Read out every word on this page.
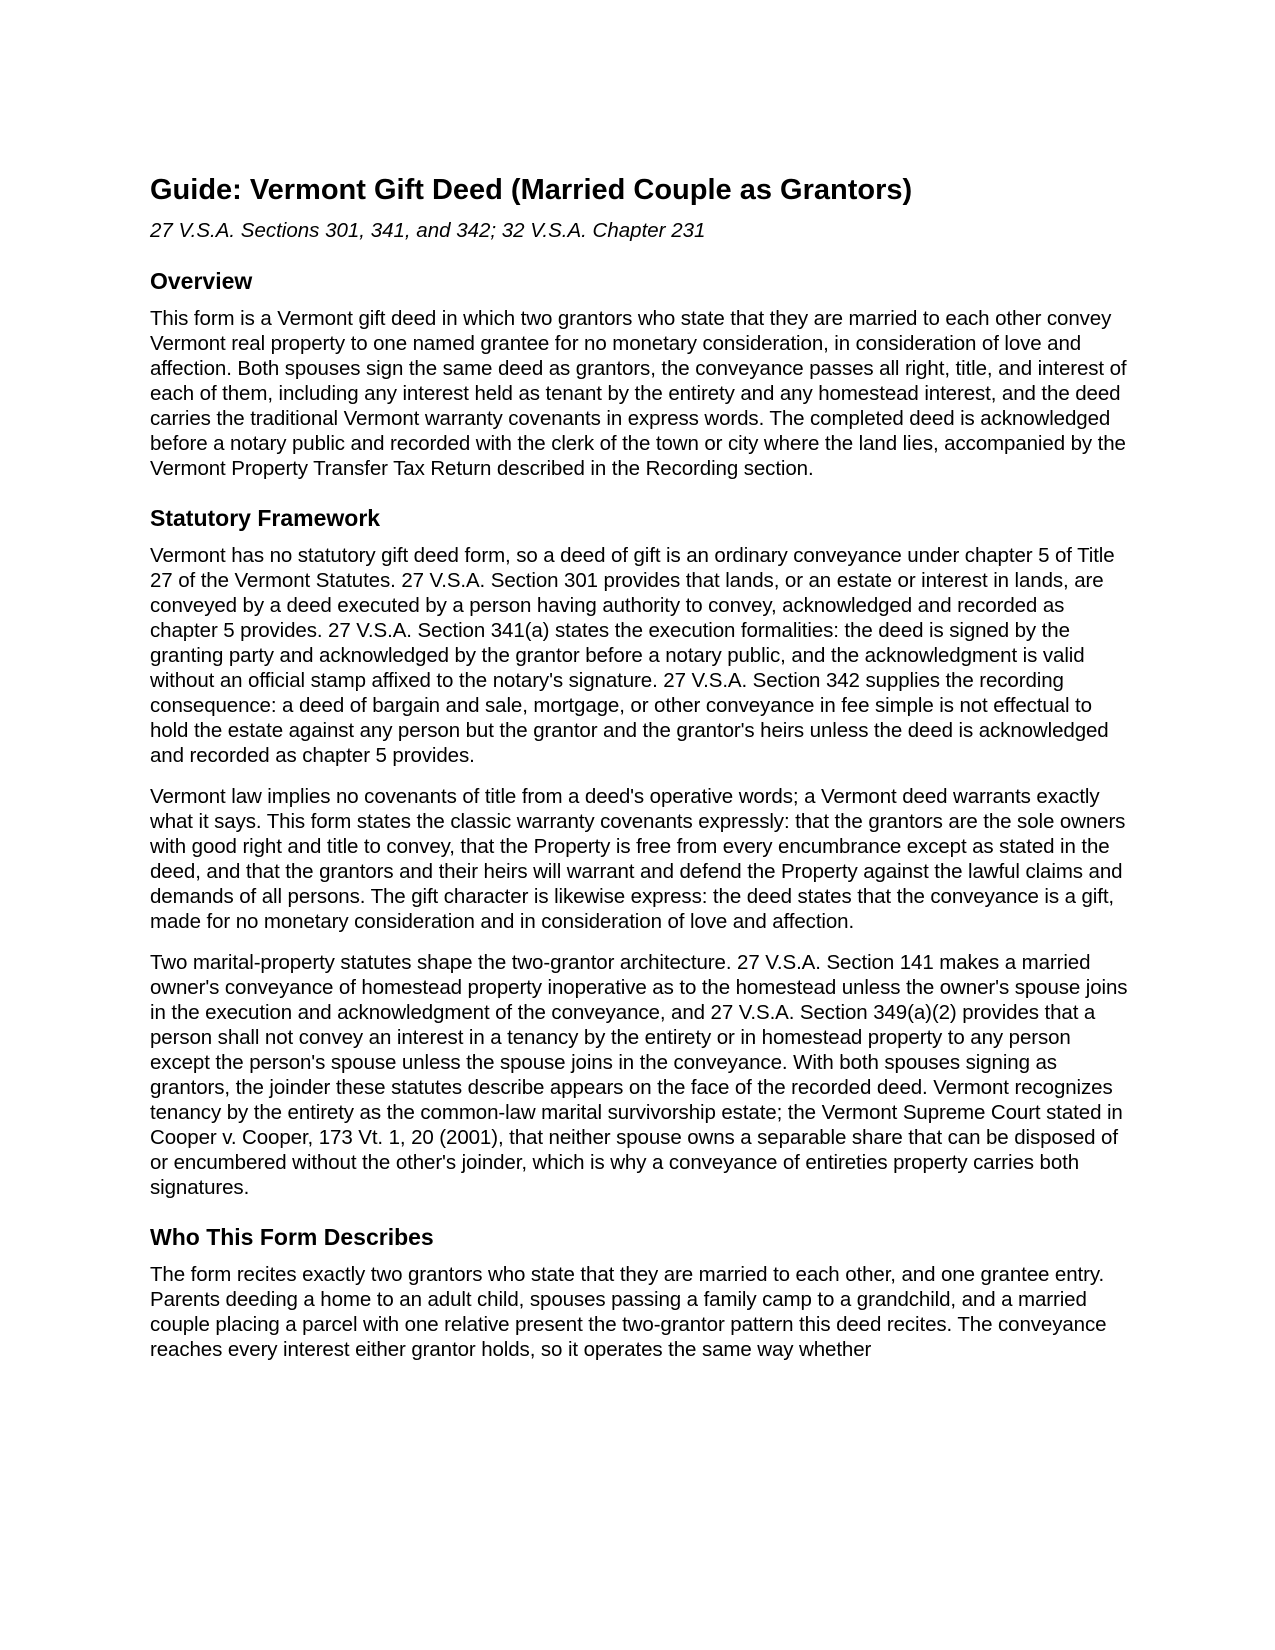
Guide: Vermont Gift Deed (Married Couple as Grantors)
27 V.S.A. Sections 301, 341, and 342; 32 V.S.A. Chapter 231
Overview

This form is a Vermont gift deed in which two grantors who state that they are married to each other convey Vermont real property to one named grantee for no monetary consideration, in consideration of love and affection. Both spouses sign the same deed as grantors, the conveyance passes all right, title, and interest of each of them, including any interest held as tenant by the entirety and any homestead interest, and the deed carries the traditional Vermont warranty covenants in express words. The completed deed is acknowledged before a notary public and recorded with the clerk of the town or city where the land lies, accompanied by the Vermont Property Transfer Tax Return described in the Recording section.

Statutory Framework

Vermont has no statutory gift deed form, so a deed of gift is an ordinary conveyance under chapter 5 of Title 27 of the Vermont Statutes. 27 V.S.A. Section 301 provides that lands, or an estate or interest in lands, are conveyed by a deed executed by a person having authority to convey, acknowledged and recorded as chapter 5 provides. 27 V.S.A. Section 341(a) states the execution formalities: the deed is signed by the granting party and acknowledged by the grantor before a notary public, and the acknowledgment is valid without an official stamp affixed to the notary's signature. 27 V.S.A. Section 342 supplies the recording consequence: a deed of bargain and sale, mortgage, or other conveyance in fee simple is not effectual to hold the estate against any person but the grantor and the grantor's heirs unless the deed is acknowledged and recorded as chapter 5 provides.

Vermont law implies no covenants of title from a deed's operative words; a Vermont deed warrants exactly what it says. This form states the classic warranty covenants expressly: that the grantors are the sole owners with good right and title to convey, that the Property is free from every encumbrance except as stated in the deed, and that the grantors and their heirs will warrant and defend the Property against the lawful claims and demands of all persons. The gift character is likewise express: the deed states that the conveyance is a gift, made for no monetary consideration and in consideration of love and affection.

Two marital-property statutes shape the two-grantor architecture. 27 V.S.A. Section 141 makes a married owner's conveyance of homestead property inoperative as to the homestead unless the owner's spouse joins in the execution and acknowledgment of the conveyance, and 27 V.S.A. Section 349(a)(2) provides that a person shall not convey an interest in a tenancy by the entirety or in homestead property to any person except the person's spouse unless the spouse joins in the conveyance. With both spouses signing as grantors, the joinder these statutes describe appears on the face of the recorded deed. Vermont recognizes tenancy by the entirety as the common-law marital survivorship estate; the Vermont Supreme Court stated in Cooper v. Cooper, 173 Vt. 1, 20 (2001), that neither spouse owns a separable share that can be disposed of or encumbered without the other's joinder, which is why a conveyance of entireties property carries both signatures.

Who This Form Describes

The form recites exactly two grantors who state that they are married to each other, and one grantee entry. Parents deeding a home to an adult child, spouses passing a family camp to a grandchild, and a married couple placing a parcel with one relative present the two-grantor pattern this deed recites. The conveyance reaches every interest either grantor holds, so it operates the same way whether
